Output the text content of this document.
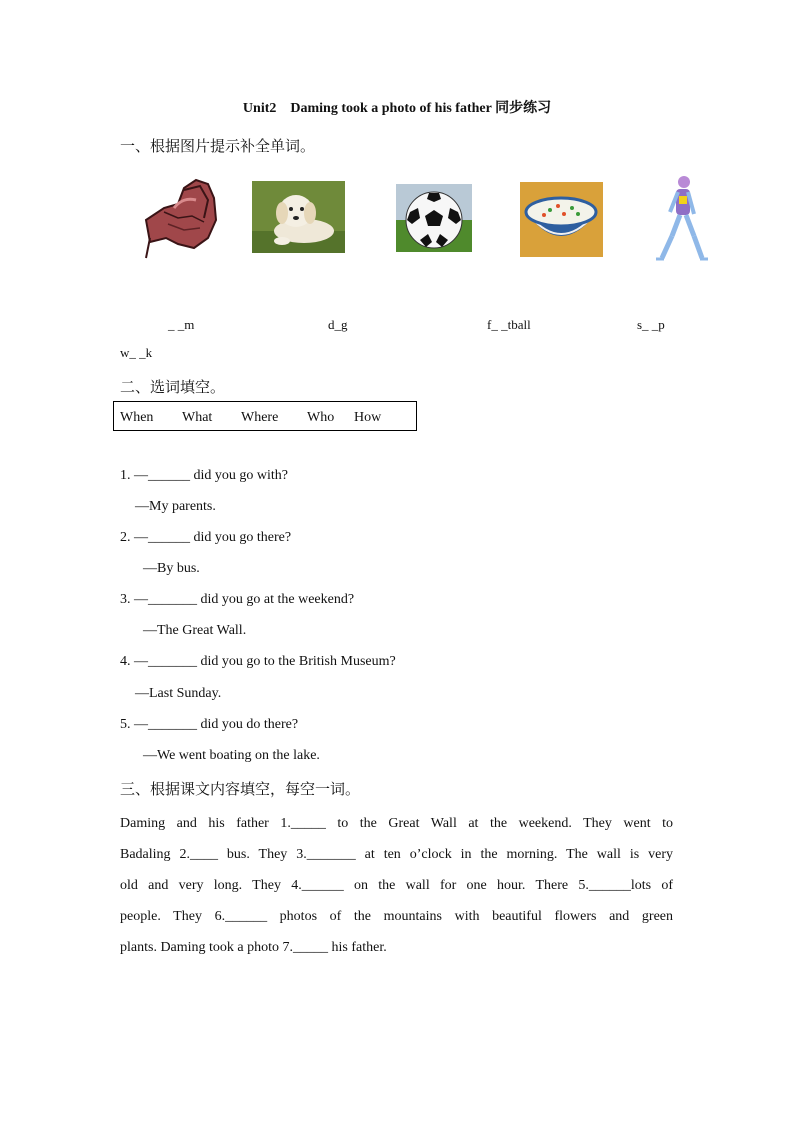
Unit2    Daming took a photo of his father 同步练习
一、根据图片提示补全单词。
_ _m	d_g	f_ _tball	s_ _p
w_ _k
二、选词填空。
When What Where Who How
1. —______ did you go with?
—My parents.
2. —______ did you go there?
—By bus.
3. —_______ did you go at the weekend?
—The Great Wall.
4. —_______ did you go to the British Museum?
—Last Sunday.
5. —_______ did you do there?
—We went boating on the lake.
三、根据课文内容填空，每空一词。
Daming and his father 1._____ to the Great Wall at the weekend. They went to
Badaling 2.____ bus. They 3._______ at ten o’clock in the morning. The wall is very
old and very long. They 4.______ on the wall for one hour. There 5.______lots of
people. They 6.______ photos of the mountains with beautiful flowers and green
plants. Daming took a photo 7._____ his father.
